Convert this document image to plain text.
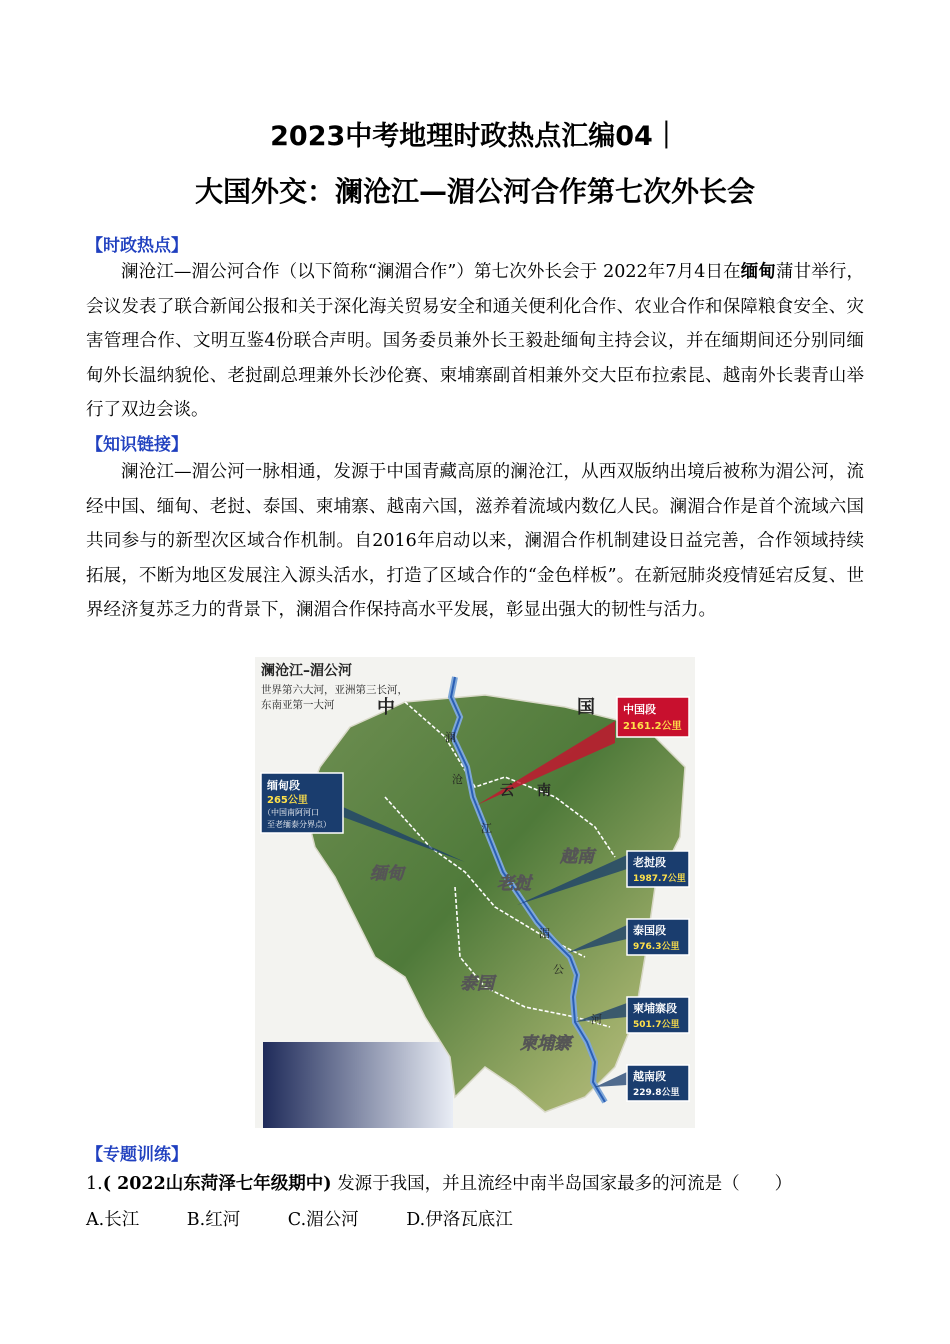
2023中考地理时政热点汇编04｜
大国外交：澜沧江—湄公河合作第七次外长会
【时政热点】

澜沧江—湄公河合作（以下简称“澜湄合作”）第七次外长会于 2022年7月4日在缅甸蒲甘举行，会议发表了联合新闻公报和关于深化海关贸易安全和通关便利化合作、农业合作和保障粮食安全、灾害管理合作、文明互鉴4份联合声明。国务委员兼外长王毅赴缅甸主持会议，并在缅期间还分别同缅甸外长温纳貌伦、老挝副总理兼外长沙伦赛、柬埔寨副首相兼外交大臣布拉索昆、越南外长裴青山举行了双边会谈。

【知识链接】

澜沧江—湄公河一脉相通，发源于中国青藏高原的澜沧江，从西双版纳出境后被称为湄公河，流经中国、缅甸、老挝、泰国、柬埔寨、越南六国，滋养着流域内数亿人民。澜湄合作是首个流域六国共同参与的新型次区域合作机制。自2016年启动以来，澜湄合作机制建设日益完善，合作领域持续拓展，不断为地区发展注入源头活水，打造了区域合作的“金色样板”。在新冠肺炎疫情延宕反复、世界经济复苏乏力的背景下，澜湄合作保持高水平发展，彰显出强大的韧性与活力。

澜沧江–湄公河
世界第六大河，亚洲第三长河，
东南亚第一大河 中	国
云 南
缅甸	老挝
越南
泰国
柬埔寨
澜
沧
江
湄
公
河
中国段
2161.2公里
缅甸段
265公里
（中国南阿河口
至老缅泰分界点）
老挝段
1987.7公里
泰国段
976.3公里
柬埔寨段
501.7公里
越南段
229.8公里
【专题训练】
1.( 2022山东菏泽七年级期中) 发源于我国，并且流经中南半岛国家最多的河流是（　　）
A.长江	B.红河	C.湄公河	D.伊洛瓦底江
